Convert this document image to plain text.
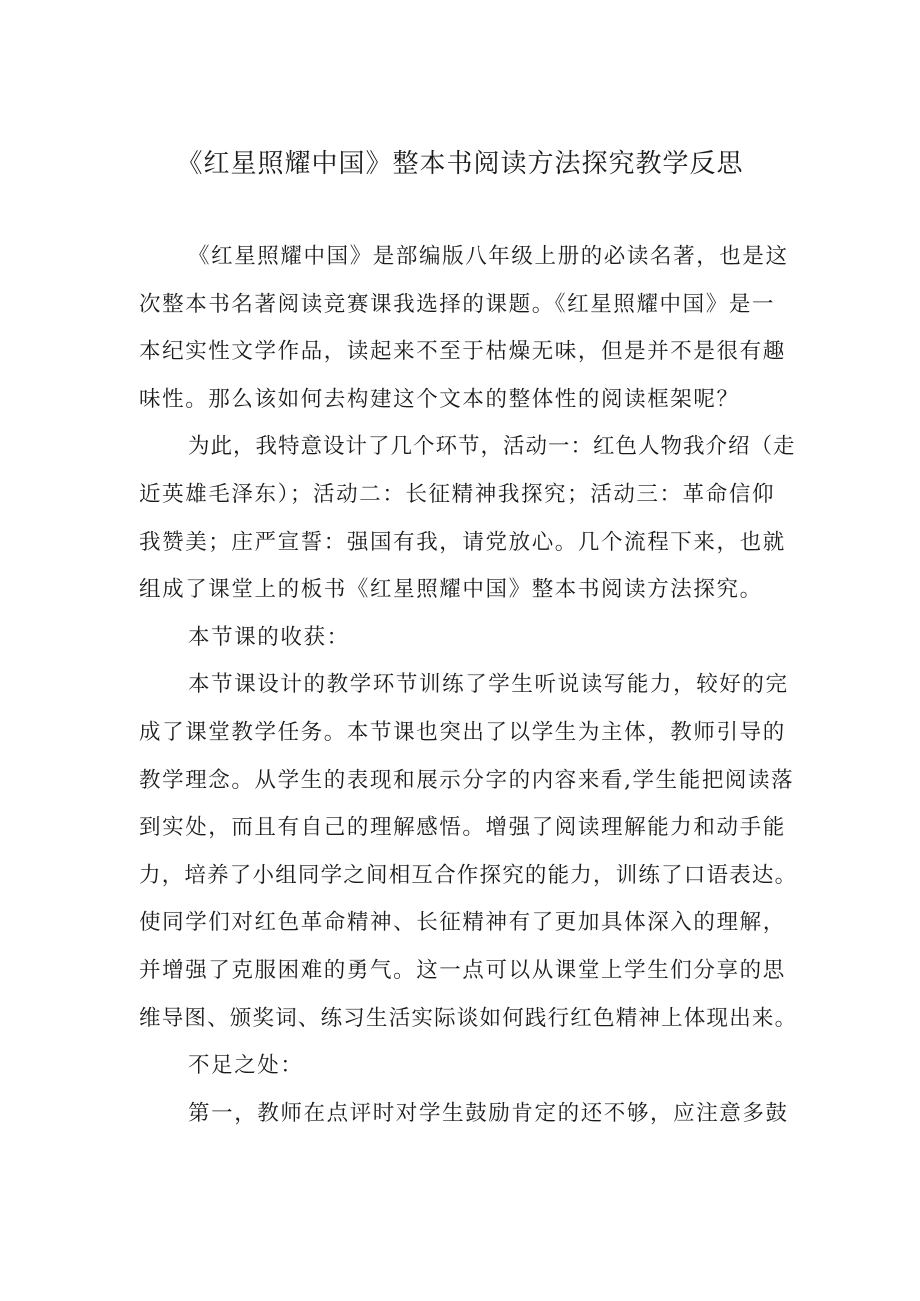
《红星照耀中国》整本书阅读方法探究教学反思
《红星照耀中国》是部编版八年级上册的必读名著，也是这
次整本书名著阅读竞赛课我选择的课题。《红星照耀中国》是一
本纪实性文学作品，读起来不至于枯燥无味，但是并不是很有趣
味性。那么该如何去构建这个文本的整体性的阅读框架呢？
为此，我特意设计了几个环节，活动一：红色人物我介绍（走
近英雄毛泽东）；活动二：长征精神我探究；活动三：革命信仰
我赞美；庄严宣誓：强国有我，请党放心。几个流程下来，也就
组成了课堂上的板书《红星照耀中国》整本书阅读方法探究。
本节课的收获：
本节课设计的教学环节训练了学生听说读写能力，较好的完
成了课堂教学任务。本节课也突出了以学生为主体，教师引导的
教学理念。从学生的表现和展示分字的内容来看,学生能把阅读落
到实处，而且有自己的理解感悟。增强了阅读理解能力和动手能
力，培养了小组同学之间相互合作探究的能力，训练了口语表达。
使同学们对红色革命精神、长征精神有了更加具体深入的理解，
并增强了克服困难的勇气。这一点可以从课堂上学生们分享的思
维导图、颁奖词、练习生活实际谈如何践行红色精神上体现出来。
不足之处：
第一，教师在点评时对学生鼓励肯定的还不够，应注意多鼓
